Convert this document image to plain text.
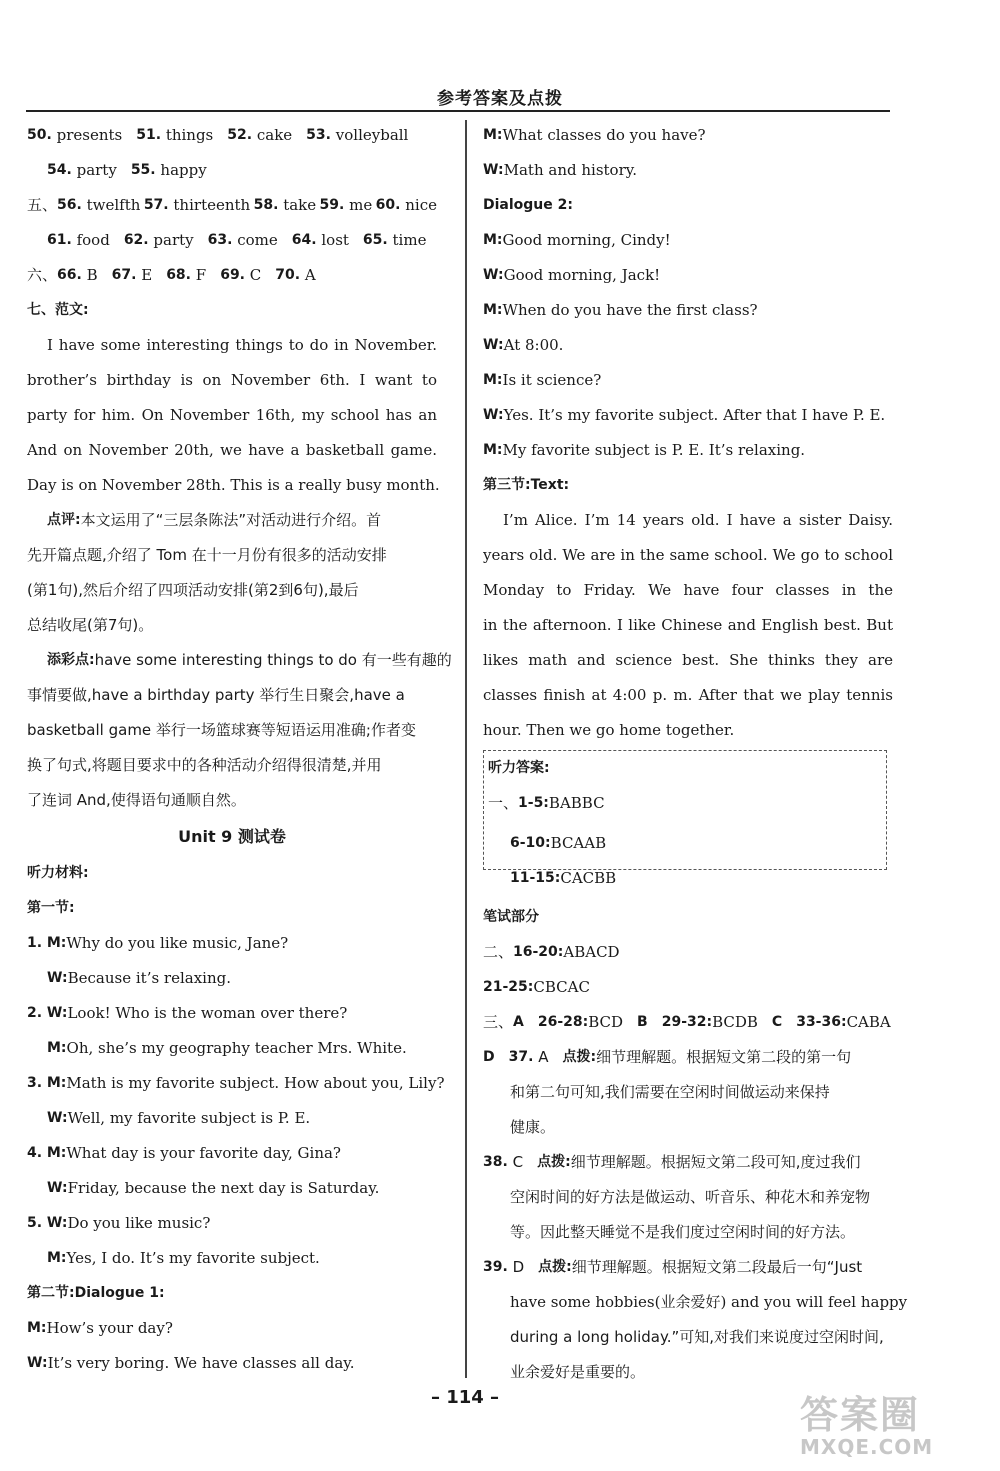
参考答案及点拨
50.
presents 51.
things 52.
cake 53.
volleyball
54.
party 55.
happy
五、 56.
twelfth 57.
thirteenth 58.
take 59.
me 60.
nice
61.
food 62.
party 63.
come 64.
lost 65.
time
六、 66.
B 67.
E 68.
F 69.
C 70.
A
七、范文:
I have some interesting things to do in November.
brother’s birthday is on November 6th. I want to
party for him. On November 16th, my school has an
And on November 20th, we have a basketball game.
Day is on November 28th. This is a really busy month.
点评: 本文运用了“三层条陈法”对活动进行介绍。首
先开篇点题,介绍了 Tom 在十一月份有很多的活动安排
(第1句),然后介绍了四项活动安排(第2到6句),最后
总结收尾(第7句)。
添彩点: have some interesting things to do 有一些有趣的
事情要做,have a birthday party 举行生日聚会,have a
basketball game 举行一场篮球赛等短语运用准确;作者变
换了句式,将题目要求中的各种活动介绍得很清楚,并用
了连词 And,使得语句通顺自然。
Unit 9 测试卷
听力材料:
第一节:
1.
M: Why do you like music, Jane?
W: Because it’s relaxing.
2.
W: Look! Who is the woman over there?
M: Oh, she’s my geography teacher Mrs. White.
3.
M: Math is my favorite subject. How about you, Lily?
W: Well, my favorite subject is P. E.
4.
M: What day is your favorite day, Gina?
W: Friday, because the next day is Saturday.
5.
W: Do you like music?
M: Yes, I do. It’s my favorite subject.
第二节:Dialogue 1:
M: How’s your day?
W: It’s very boring. We have classes all day.
M: What classes do you have?
W: Math and history.
Dialogue 2:
M: Good morning, Cindy!
W: Good morning, Jack!
M: When do you have the first class?
W: At 8:00.
M: Is it science?
W: Yes. It’s my favorite subject. After that I have P. E.
M: My favorite subject is P. E. It’s relaxing.
第三节:Text:
I’m Alice. I’m 14 years old. I have a sister Daisy.
years old. We are in the same school. We go to school
Monday to Friday. We have four classes in the
in the afternoon. I like Chinese and English best. But
likes math and science best. She thinks they are
classes finish at 4:00 p. m. After that we play tennis
hour. Then we go home together.
听力答案:
一、 1-5: BABBC
6-10: BCAAB
11-15: CACBB
笔试部分
二、 16-20: ABACD
21-25: CBCAC
三、 A 26-28: BCD B 29-32: BCDB C 33-36: CABA
D 37.
A 点拨: 细节理解题。根据短文第二段的第一句
和第二句可知,我们需要在空闲时间做运动来保持
健康。
38.
C 点拨: 细节理解题。根据短文第二段可知,度过我们
空闲时间的好方法是做运动、听音乐、种花木和养宠物
等。因此整天睡觉不是我们度过空闲时间的好方法。
39.
D 点拨: 细节理解题。根据短文第二段最后一句“Just
have some hobbies(业余爱好) and you will feel happy
during a long holiday.”可知,对我们来说度过空闲时间,
业余爱好是重要的。
– 114 –	答案圈
MXQE.COM
